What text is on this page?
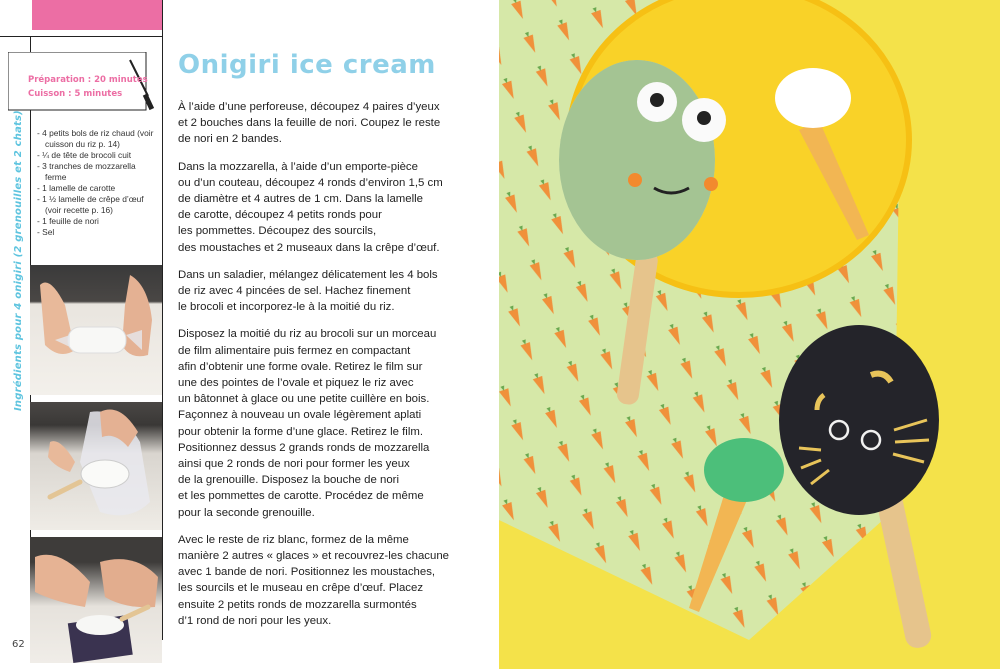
Préparation : 20 minutes
Cuisson : 5 minutes
Ingrédients pour 4 onigiri (2 grenouilles et 2 chats) - 4 petits bols de riz chaud (voir cuisson du riz p. 14)
- ¼ de tête de brocoli cuit
- 3 tranches de mozzarella ferme
- 1 lamelle de carotte
- 1 ½ lamelle de crêpe d’œuf (voir recette p. 16)
- 1 feuille de nori
- Sel
62
Onigiri ice cream

À l’aide d’une perforeuse, découpez 4 paires d’yeux
et 2 bouches dans la feuille de nori. Coupez le reste
de nori en 2 bandes.

Dans la mozzarella, à l’aide d’un emporte-pièce
ou d’un couteau, découpez 4 ronds d’environ 1,5 cm
de diamètre et 4 autres de 1 cm. Dans la lamelle
de carotte, découpez 4 petits ronds pour
les pommettes. Découpez des sourcils,
des moustaches et 2 museaux dans la crêpe d’œuf.

Dans un saladier, mélangez délicatement les 4 bols
de riz avec 4 pincées de sel. Hachez finement
le brocoli et incorporez-le à la moitié du riz.

Disposez la moitié du riz au brocoli sur un morceau
de film alimentaire puis fermez en compactant
afin d’obtenir une forme ovale. Retirez le film sur
une des pointes de l’ovale et piquez le riz avec
un bâtonnet à glace ou une petite cuillère en bois.
Façonnez à nouveau un ovale légèrement aplati
pour obtenir la forme d’une glace. Retirez le film.
Positionnez dessus 2 grands ronds de mozzarella
ainsi que 2 ronds de nori pour former les yeux
de la grenouille. Disposez la bouche de nori
et les pommettes de carotte. Procédez de même
pour la seconde grenouille.

Avec le reste de riz blanc, formez de la même
manière 2 autres « glaces » et recouvrez-les chacune
avec 1 bande de nori. Positionnez les moustaches,
les sourcils et le museau en crêpe d’œuf. Placez
ensuite 2 petits ronds de mozzarella surmontés
d’1 rond de nori pour les yeux.
